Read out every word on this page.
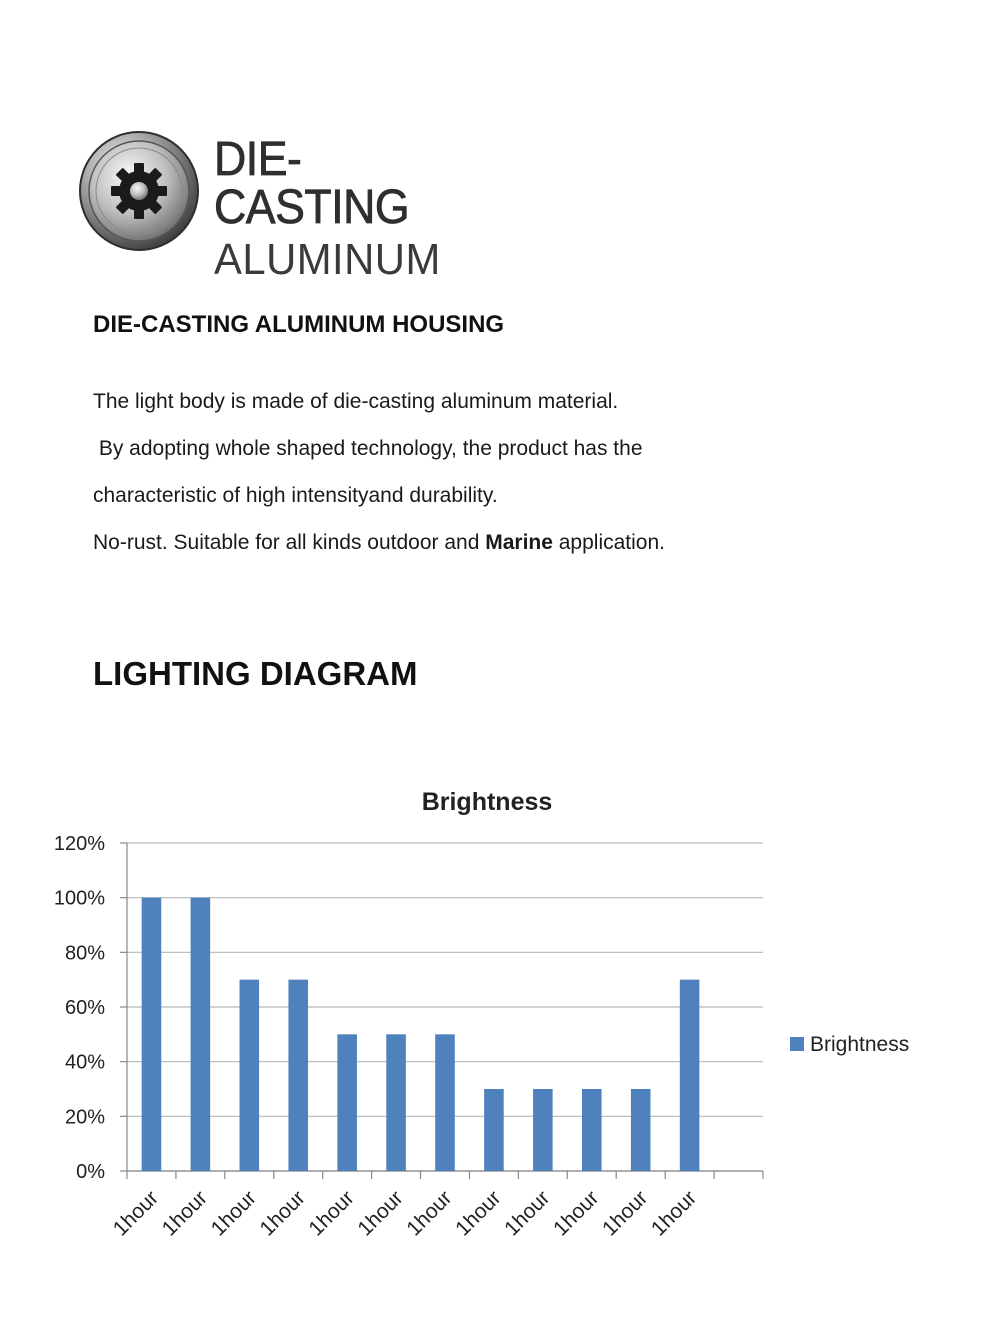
DIE-CASTING
ALUMINUM
DIE-CASTING ALUMINUM HOUSING

The light body is made of die-casting aluminum material.

By adopting whole shaped technology, the product has the

characteristic of high intensityand durability.

No-rust. Suitable for all kinds outdoor and Marine application.

LIGHTING DIAGRAM
Brightness
0%
20%
40%
60%
80%
100%
120%
1hour
1hour
1hour
1hour
1hour
1hour
1hour
1hour
1hour
1hour
1hour
1hour
Brightness
